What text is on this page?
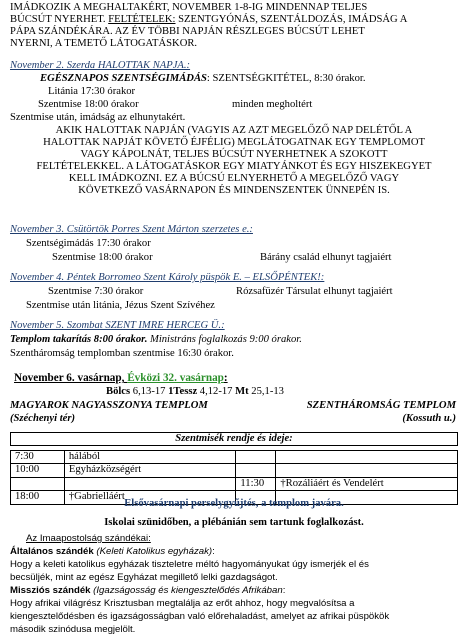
IMÁDKOZIK A MEGHALTAKÉRT, NOVEMBER 1-8-IG MINDENNAP TELJES
BÚCSÚT NYERHET. FELTÉTELEK: SZENTGYÓNÁS, SZENTÁLDOZÁS, IMÁDSÁG A
PÁPA SZÁNDÉKÁRA. AZ ÉV TÖBBI NAPJÁN RÉSZLEGES BÚCSÚT LEHET
NYERNI, A TEMETŐ LÁTOGATÁSKOR.
November 2. Szerda HALOTTAK NAPJA.:
EGÉSZNAPOS SZENTSÉGIMÁDÁS: SZENTSÉGKITÉTEL, 8:30 órakor.
Litánia 17:30 órakor
Szentmise 18:00 órakor	minden megholtért
Szentmise után, imádság az elhunytakért.
AKIK HALOTTAK NAPJÁN (VAGYIS AZ AZT MEGELŐZŐ NAP DELÉTŐL A
HALOTTAK NAPJÁT KÖVETŐ ÉJFÉLIG) MEGLÁTOGATNAK EGY TEMPLOMOT
VAGY KÁPOLNÁT, TELJES BÚCSÚT NYERHETNEK A SZOKOTT
FELTÉTELEKKEL. A LÁTOGATÁSKOR EGY MIATYÁNKOT ÉS EGY HISZEKEGYET
KELL IMÁDKOZNI. EZ A BÚCSÚ ELNYERHETŐ A MEGELŐZŐ VAGY
KÖVETKEZŐ VASÁRNAPON ÉS MINDENSZENTEK ÜNNEPÉN IS.
November 3. Csütörtök Porres Szent Márton szerzetes e.:
Szentségimádás 17:30 órakor
Szentmise 18:00 órakor	Bárány család elhunyt tagjaiért
November 4. Péntek Borromeo Szent Károly püspök E. – ELSŐPÉNTEK!:
Szentmise 7:30 órakor	Rózsafüzér Társulat elhunyt tagjaiért
Szentmise után litánia, Jézus Szent Szívéhez
November 5. Szombat SZENT IMRE HERCEG Ü.:
Templom takarítás 8:00 órakor. Ministráns foglalkozás 9:00 órakor.
Szentháromság templomban szentmise 16:30 órakor.
November 6. vasárnap, Évközi 32. vasárnap:
Bölcs 6,13-17 1Tessz 4,12-17 Mt 25,1-13
MAGYAROK NAGYASSZONYA TEMPLOM	SZENTHÁROMSÁG TEMPLOM
(Széchenyi tér)	(Kossuth u.)
Szentmisék rendje és ideje:
7:30	hálából		
10:00	Egyházközségért		
		11:30	†Rozáliáért és Vendelért
18:00	†Gabrielláért		
Elsővasárnapi perselygyűjtés, a templom javára.
Iskolai szünidőben, a plébánián sem tartunk foglalkozást.
Az Imaapostolság szándékai:
Általános szándék (Keleti Katolikus egyházak):
Hogy a keleti katolikus egyházak tiszteletre méltó hagyományukat úgy ismerjék el és
becsüljék, mint az egész Egyházat megillető lelki gazdagságot.
Missziós szándék (Igazságosság és kiengesztelődés Afrikában:
Hogy afrikai világrész Krisztusban megtalálja az erőt ahhoz, hogy megvalósítsa a
kiengesztelődésben és igazságosságban való előrehaladást, amelyet az afrikai püspökök
második szinódusa megjelölt.
